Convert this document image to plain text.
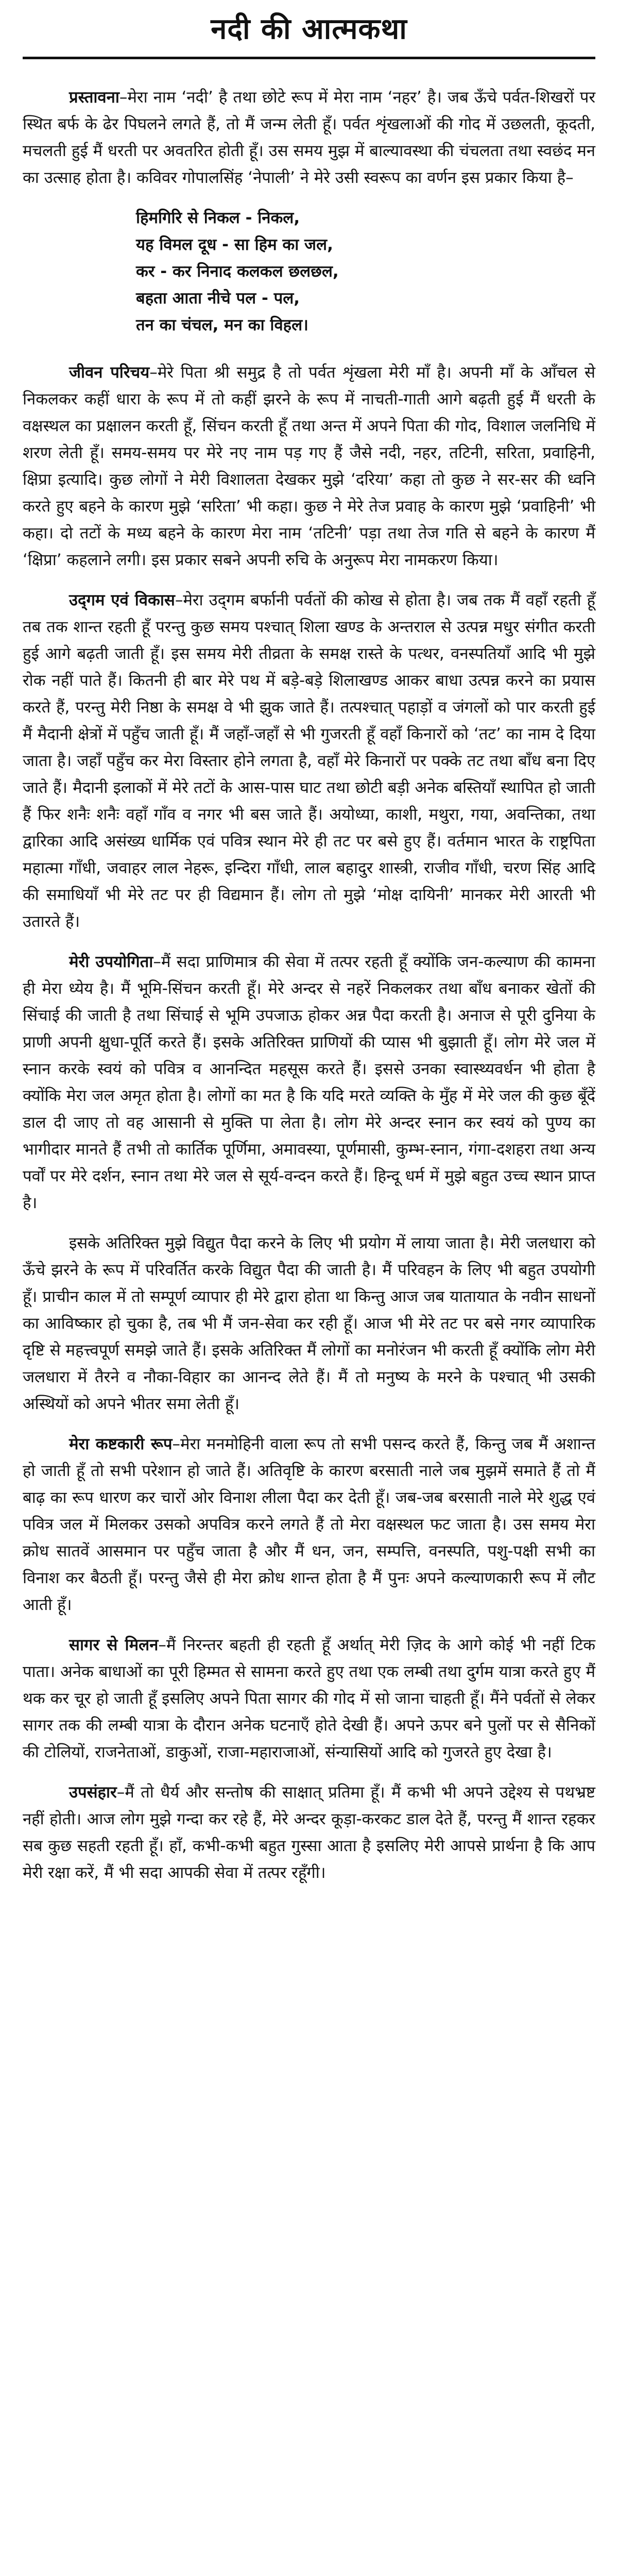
नदी की आत्मकथा

प्रस्तावना–मेरा नाम ‘नदी’ है तथा छोटे रूप में मेरा नाम ‘नहर’ है। जब ऊँचे पर्वत-शिखरों पर स्थित बर्फ के ढेर पिघलने लगते हैं, तो मैं जन्म लेती हूँ। पर्वत शृंखलाओं की गोद में उछलती, कूदती, मचलती हुई मैं धरती पर अवतरित होती हूँ। उस समय मुझ में बाल्यावस्था की चंचलता तथा स्वछंद मन का उत्साह होता है। कविवर गोपालसिंह ‘नेपाली’ ने मेरे उसी स्वरूप का वर्णन इस प्रकार किया है–

हिमगिरि से निकल - निकल,
यह विमल दूध - सा हिम का जल,
कर - कर निनाद कलकल छलछल,
बहता आता नीचे पल - पल,
तन का चंचल, मन का विहल।

जीवन परिचय–मेरे पिता श्री समुद्र है तो पर्वत शृंखला मेरी माँ है। अपनी माँ के आँचल से निकलकर कहीं धारा के रूप में तो कहीं झरने के रूप में नाचती-गाती आगे बढ़ती हुई मैं धरती के वक्षस्थल का प्रक्षालन करती हूँ, सिंचन करती हूँ तथा अन्त में अपने पिता की गोद, विशाल जलनिधि में शरण लेती हूँ। समय-समय पर मेरे नए नाम पड़ गए हैं जैसे नदी, नहर, तटिनी, सरिता, प्रवाहिनी, क्षिप्रा इत्यादि। कुछ लोगों ने मेरी विशालता देखकर मुझे ‘दरिया’ कहा तो कुछ ने सर-सर की ध्वनि करते हुए बहने के कारण मुझे ‘सरिता’ भी कहा। कुछ ने मेरे तेज प्रवाह के कारण मुझे ‘प्रवाहिनी’ भी कहा। दो तटों के मध्य बहने के कारण मेरा नाम ‘तटिनी’ पड़ा तथा तेज गति से बहने के कारण मैं ‘क्षिप्रा’ कहलाने लगी। इस प्रकार सबने अपनी रुचि के अनुरूप मेरा नामकरण किया।

उद्‌गम एवं विकास–मेरा उद्‌गम बर्फानी पर्वतों की कोख से होता है। जब तक मैं वहाँ रहती हूँ तब तक शान्त रहती हूँ परन्तु कुछ समय पश्चात्‌ शिला खण्ड के अन्तराल से उत्पन्न मधुर संगीत करती हुई आगे बढ़ती जाती हूँ। इस समय मेरी तीव्रता के समक्ष रास्ते के पत्थर, वनस्पतियाँ आदि भी मुझे रोक नहीं पाते हैं। कितनी ही बार मेरे पथ में बड़े-बड़े शिलाखण्ड आकर बाधा उत्पन्न करने का प्रयास करते हैं, परन्तु मेरी निष्ठा के समक्ष वे भी झुक जाते हैं। तत्पश्चात्‌ पहाड़ों व जंगलों को पार करती हुई मैं मैदानी क्षेत्रों में पहुँच जाती हूँ। मैं जहाँ-जहाँ से भी गुजरती हूँ वहाँ किनारों को ‘तट’ का नाम दे दिया जाता है। जहाँ पहुँच कर मेरा विस्तार होने लगता है, वहाँ मेरे किनारों पर पक्के तट तथा बाँध बना दिए जाते हैं। मैदानी इलाकों में मेरे तटों के आस-पास घाट तथा छोटी बड़ी अनेक बस्तियाँ स्थापित हो जाती हैं फिर शनैः शनैः वहाँ गाँव व नगर भी बस जाते हैं। अयोध्या, काशी, मथुरा, गया, अवन्तिका, तथा द्वारिका आदि असंख्य धार्मिक एवं पवित्र स्थान मेरे ही तट पर बसे हुए हैं। वर्तमान भारत के राष्ट्रपिता महात्मा गाँधी, जवाहर लाल नेहरू, इन्दिरा गाँधी, लाल बहादुर शास्त्री, राजीव गाँधी, चरण सिंह आदि की समाधियाँ भी मेरे तट पर ही विद्यमान हैं। लोग तो मुझे ‘मोक्ष दायिनी’ मानकर मेरी आरती भी उतारते हैं।

मेरी उपयोगिता–मैं सदा प्राणिमात्र की सेवा में तत्पर रहती हूँ क्योंकि जन-कल्याण की कामना ही मेरा ध्येय है। मैं भूमि-सिंचन करती हूँ। मेरे अन्दर से नहरें निकलकर तथा बाँध बनाकर खेतों की सिंचाई की जाती है तथा सिंचाई से भूमि उपजाऊ होकर अन्न पैदा करती है। अनाज से पूरी दुनिया के प्राणी अपनी क्षुधा-पूर्ति करते हैं। इसके अतिरिक्त प्राणियों की प्यास भी बुझाती हूँ। लोग मेरे जल में स्नान करके स्वयं को पवित्र व आनन्दित महसूस करते हैं। इससे उनका स्वास्थ्यवर्धन भी होता है क्योंकि मेरा जल अमृत होता है। लोगों का मत है कि यदि मरते व्यक्ति के मुँह में मेरे जल की कुछ बूँदें डाल दी जाए तो वह आसानी से मुक्ति पा लेता है। लोग मेरे अन्दर स्नान कर स्वयं को पुण्य का भागीदार मानते हैं तभी तो कार्तिक पूर्णिमा, अमावस्या, पूर्णमासी, कुम्भ-स्नान, गंगा-दशहरा तथा अन्य पर्वों पर मेरे दर्शन, स्नान तथा मेरे जल से सूर्य-वन्दन करते हैं। हिन्दू धर्म में मुझे बहुत उच्च स्थान प्राप्त है।

इसके अतिरिक्त मुझे विद्युत पैदा करने के लिए भी प्रयोग में लाया जाता है। मेरी जलधारा को ऊँचे झरने के रूप में परिवर्तित करके विद्युत पैदा की जाती है। मैं परिवहन के लिए भी बहुत उपयोगी हूँ। प्राचीन काल में तो सम्पूर्ण व्यापार ही मेरे द्वारा होता था किन्तु आज जब यातायात के नवीन साधनों का आविष्कार हो चुका है, तब भी मैं जन-सेवा कर रही हूँ। आज भी मेरे तट पर बसे नगर व्यापारिक दृष्टि से महत्त्वपूर्ण समझे जाते हैं। इसके अतिरिक्त मैं लोगों का मनोरंजन भी करती हूँ क्योंकि लोग मेरी जलधारा में तैरने व नौका-विहार का आनन्द लेते हैं। मैं तो मनुष्य के मरने के पश्चात्‌ भी उसकी अस्थियों को अपने भीतर समा लेती हूँ।

मेरा कष्टकारी रूप–मेरा मनमोहिनी वाला रूप तो सभी पसन्द करते हैं, किन्तु जब मैं अशान्त हो जाती हूँ तो सभी परेशान हो जाते हैं। अतिवृष्टि के कारण बरसाती नाले जब मुझमें समाते हैं तो मैं बाढ़ का रूप धारण कर चारों ओर विनाश लीला पैदा कर देती हूँ। जब-जब बरसाती नाले मेरे शुद्ध एवं पवित्र जल में मिलकर उसको अपवित्र करने लगते हैं तो मेरा वक्षस्थल फट जाता है। उस समय मेरा क्रोध सातवें आसमान पर पहुँच जाता है और मैं धन, जन, सम्पत्ति, वनस्पति, पशु-पक्षी सभी का विनाश कर बैठती हूँ। परन्तु जैसे ही मेरा क्रोध शान्त होता है मैं पुनः अपने कल्याणकारी रूप में लौट आती हूँ।

सागर से मिलन–मैं निरन्तर बहती ही रहती हूँ अर्थात्‌ मेरी ज़िद के आगे कोई भी नहीं टिक पाता। अनेक बाधाओं का पूरी हिम्मत से सामना करते हुए तथा एक लम्बी तथा दुर्गम यात्रा करते हुए मैं थक कर चूर हो जाती हूँ इसलिए अपने पिता सागर की गोद में सो जाना चाहती हूँ। मैंने पर्वतों से लेकर सागर तक की लम्बी यात्रा के दौरान अनेक घटनाएँ होते देखी हैं। अपने ऊपर बने पुलों पर से सैनिकों की टोलियों, राजनेताओं, डाकुओं, राजा-महाराजाओं, संन्यासियों आदि को गुजरते हुए देखा है।

उपसंहार–मैं तो धैर्य और सन्तोष की साक्षात्‌ प्रतिमा हूँ। मैं कभी भी अपने उद्देश्य से पथभ्रष्ट नहीं होती। आज लोग मुझे गन्दा कर रहे हैं, मेरे अन्दर कूड़ा-करकट डाल देते हैं, परन्तु मैं शान्त रहकर सब कुछ सहती रहती हूँ। हाँ, कभी-कभी बहुत गुस्सा आता है इसलिए मेरी आपसे प्रार्थना है कि आप मेरी रक्षा करें, मैं भी सदा आपकी सेवा में तत्पर रहूँगी।
